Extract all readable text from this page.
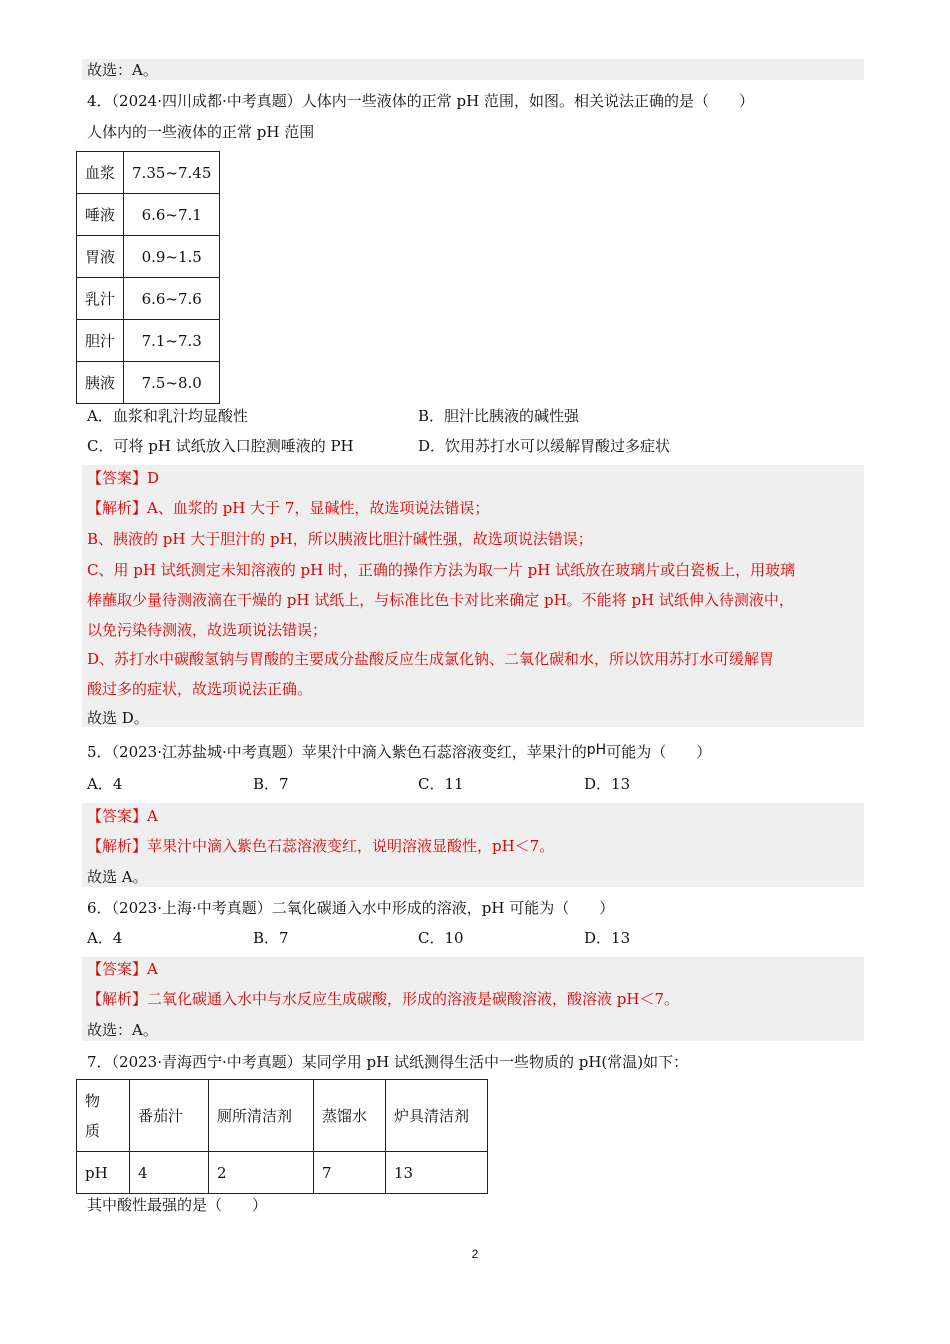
故选：A。
4．（2024·四川成都·中考真题）人体内一些液体的正常 pH 范围，如图。相关说法正确的是（　　）
人体内的一些液体的正常 pH 范围
血浆	7.35~7.45
唾液	6.6~7.1
胃液	0.9~1.5
乳汁	6.6~7.6
胆汁	7.1~7.3
胰液	7.5~8.0
A．血浆和乳汁均显酸性	B．胆汁比胰液的碱性强
C．可将 pH 试纸放入口腔测唾液的 PH	D．饮用苏打水可以缓解胃酸过多症状
【答案】D
【解析】A、血浆的 pH 大于 7，显碱性，故选项说法错误；
B、胰液的 pH 大于胆汁的 pH，所以胰液比胆汁碱性强，故选项说法错误；
C、用 pH 试纸测定未知溶液的 pH 时，正确的操作方法为取一片 pH 试纸放在玻璃片或白瓷板上，用玻璃
棒蘸取少量待测液滴在干燥的 pH 试纸上，与标准比色卡对比来确定 pH。不能将 pH 试纸伸入待测液中，
以免污染待测液，故选项说法错误；
D、苏打水中碳酸氢钠与胃酸的主要成分盐酸反应生成氯化钠、二氧化碳和水，所以饮用苏打水可缓解胃
酸过多的症状，故选项说法正确。
故选 D。
5．（2023·江苏盐城·中考真题）苹果汁中滴入紫色石蕊溶液变红，苹果汁的pH可能为（　　）
A．4	B．7	C．11	D．13
【答案】A
【解析】苹果汁中滴入紫色石蕊溶液变红，说明溶液显酸性，pH＜7。
故选 A。
6．（2023·上海·中考真题）二氧化碳通入水中形成的溶液，pH 可能为（　　）
A．4	B．7	C．10	D．13
【答案】A
【解析】二氧化碳通入水中与水反应生成碳酸，形成的溶液是碳酸溶液，酸溶液 pH＜7。
故选：A。
7．（2023·青海西宁·中考真题）某同学用 pH 试纸测得生活中一些物质的 pH(常温)如下：
物
质	番茄汁	厕所清洁剂	蒸馏水	炉具清洁剂
pH	4	2	7	13
其中酸性最强的是（　　）
2
